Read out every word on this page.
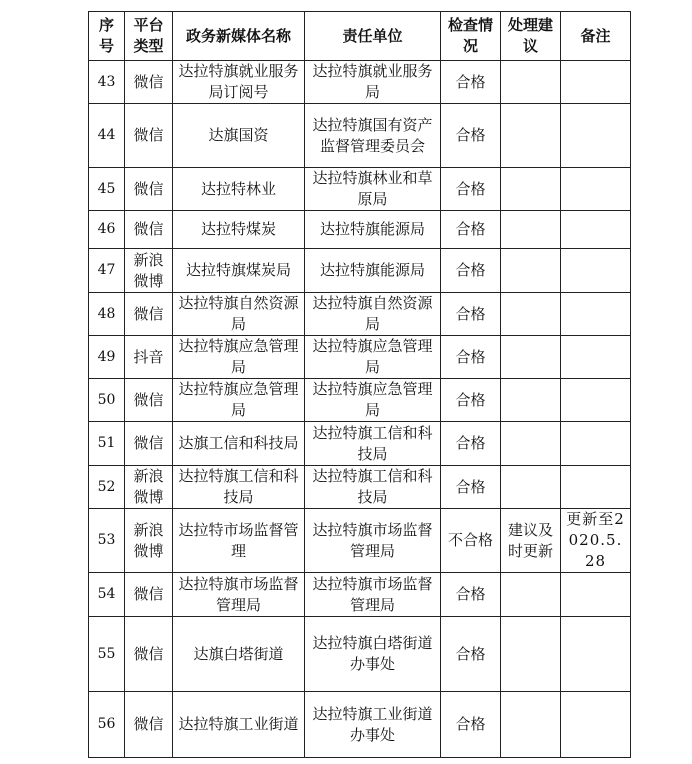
序号	平台类型	政务新媒体名称	责任单位	检查情况	处理建议	备注
43	微信	达拉特旗就业服务局订阅号	达拉特旗就业服务局	合格		
44	微信	达旗国资	达拉特旗国有资产监督管理委员会	合格		
45	微信	达拉特林业	达拉特旗林业和草原局	合格		
46	微信	达拉特煤炭	达拉特旗能源局	合格		
47	新浪微博	达拉特旗煤炭局	达拉特旗能源局	合格		
48	微信	达拉特旗自然资源局	达拉特旗自然资源局	合格		
49	抖音	达拉特旗应急管理局	达拉特旗应急管理局	合格		
50	微信	达拉特旗应急管理局	达拉特旗应急管理局	合格		
51	微信	达旗工信和科技局	达拉特旗工信和科技局	合格		
52	新浪微博	达拉特旗工信和科技局	达拉特旗工信和科技局	合格		
53	新浪微博	达拉特市场监督管理	达拉特旗市场监督管理局	不合格	建议及时更新	更新至2020.5.28
54	微信	达拉特旗市场监督管理局	达拉特旗市场监督管理局	合格		
55	微信	达旗白塔街道	达拉特旗白塔街道办事处	合格		
56	微信	达拉特旗工业街道	达拉特旗工业街道办事处	合格		
